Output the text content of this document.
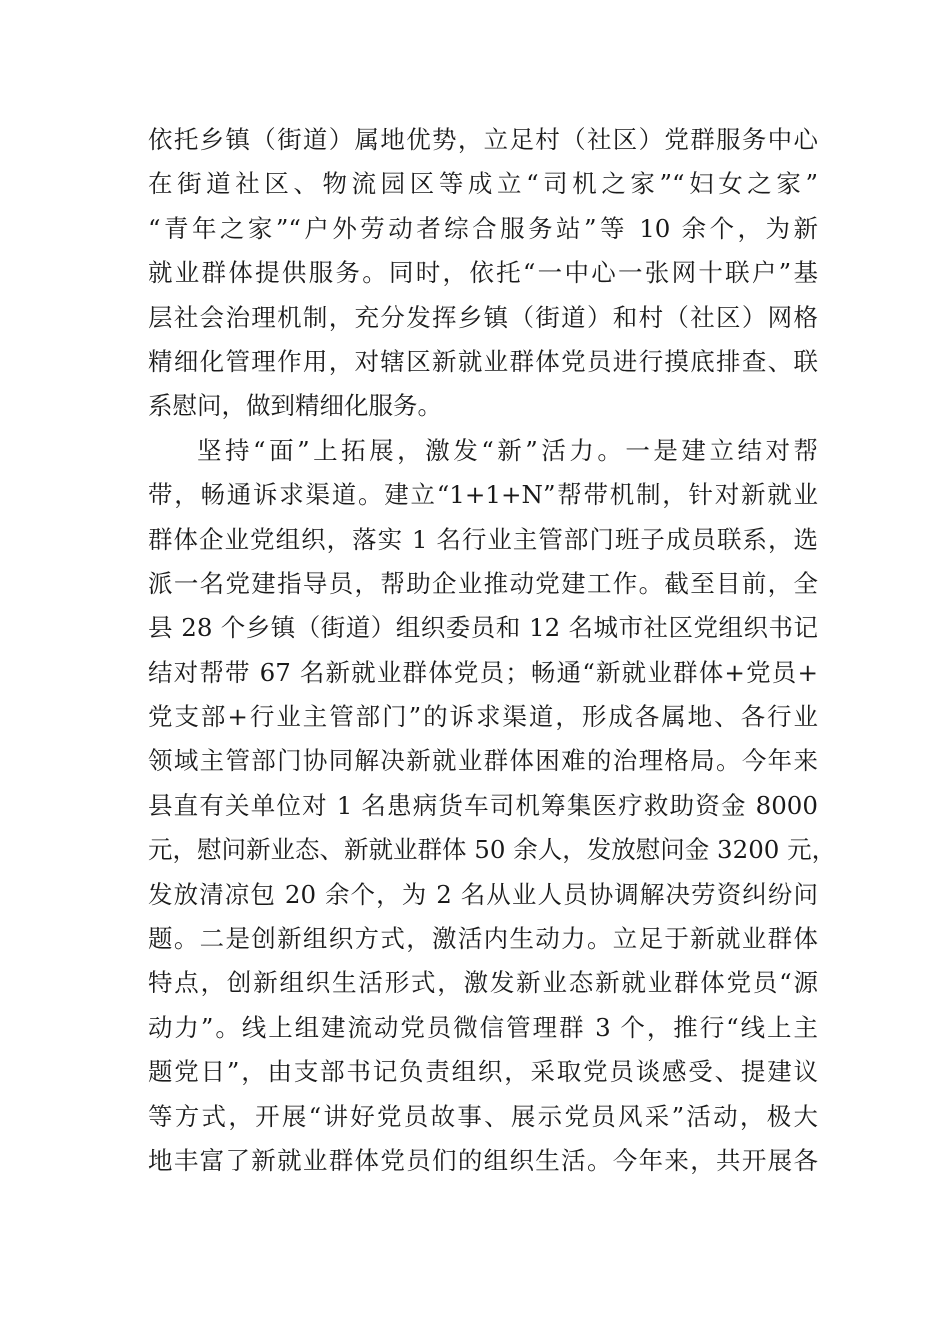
依托乡镇（街道）属地优势，立足村（社区）党群服务中心
在街道社区、物流园区等成立“司机之家”“妇女之家”
“青年之家”“户外劳动者综合服务站”等 10 余个，为新
就业群体提供服务。同时，依托“一中心一张网十联户”基
层社会治理机制，充分发挥乡镇（街道）和村（社区）网格
精细化管理作用，对辖区新就业群体党员进行摸底排查、联
系慰问，做到精细化服务。
坚持“面”上拓展，激发“新”活力。一是建立结对帮
带，畅通诉求渠道。建立“1+1+N”帮带机制，针对新就业
群体企业党组织，落实 1 名行业主管部门班子成员联系，选
派一名党建指导员，帮助企业推动党建工作。截至目前，全
县 28 个乡镇（街道）组织委员和 12 名城市社区党组织书记
结对帮带 67 名新就业群体党员；畅通“新就业群体+党员+
党支部+行业主管部门”的诉求渠道，形成各属地、各行业
领域主管部门协同解决新就业群体困难的治理格局。今年来
县直有关单位对 1 名患病货车司机筹集医疗救助资金 8000
元，慰问新业态、新就业群体 50 余人，发放慰问金 3200 元，
发放清凉包 20 余个，为 2 名从业人员协调解决劳资纠纷问
题。二是创新组织方式，激活内生动力。立足于新就业群体
特点，创新组织生活形式，激发新业态新就业群体党员“源
动力”。线上组建流动党员微信管理群 3 个，推行“线上主
题党日”，由支部书记负责组织，采取党员谈感受、提建议
等方式，开展“讲好党员故事、展示党员风采”活动，极大
地丰富了新就业群体党员们的组织生活。今年来，共开展各
